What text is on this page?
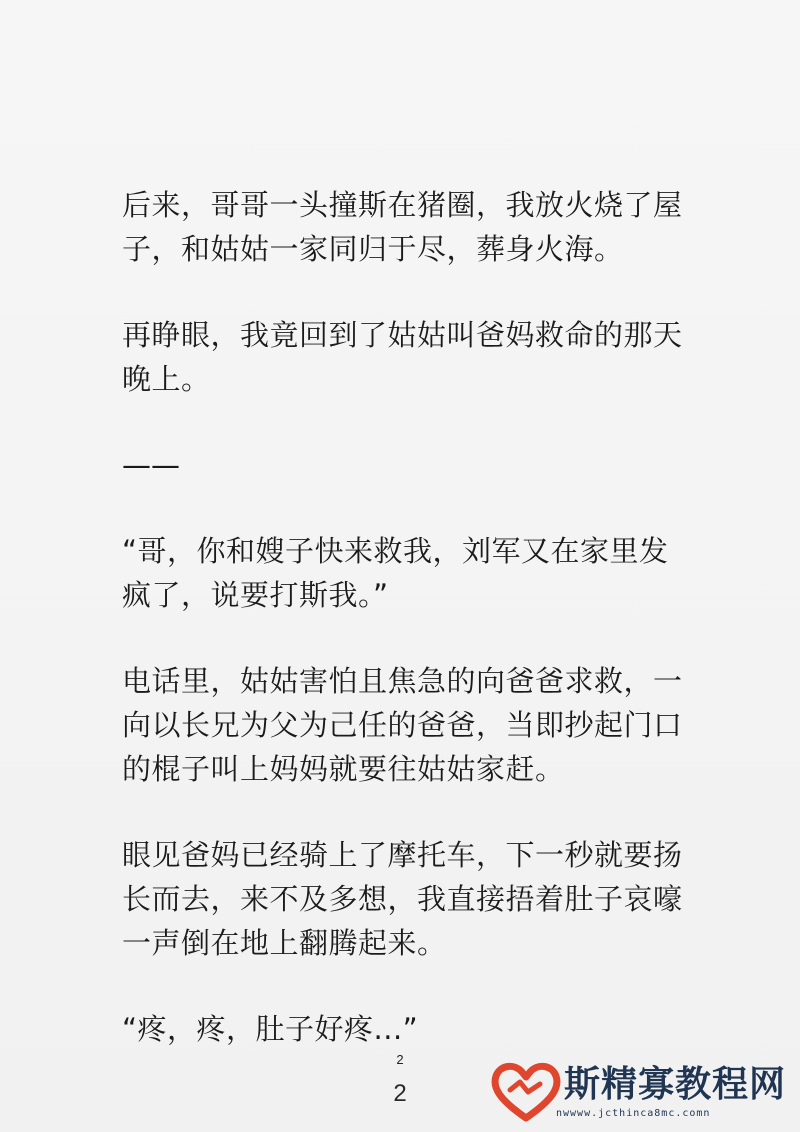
后来，哥哥一头撞斯在猪圈，我放火烧了屋子，和姑姑一家同归于尽，葬身火海。

再睁眼，我竟回到了姑姑叫爸妈救命的那天晚上。

——

“哥，你和嫂子快来救我，刘军又在家里发疯了，说要打斯我。”

电话里，姑姑害怕且焦急的向爸爸求救，一向以长兄为父为己任的爸爸，当即抄起门口的棍子叫上妈妈就要往姑姑家赶。

眼见爸妈已经骑上了摩托车，下一秒就要扬长而去，来不及多想，我直接捂着肚子哀嚎一声倒在地上翻腾起来。

“疼，疼，肚子好疼...”

2
2	斯精寡教程网
nwwww.jcthinca8mc.comn
